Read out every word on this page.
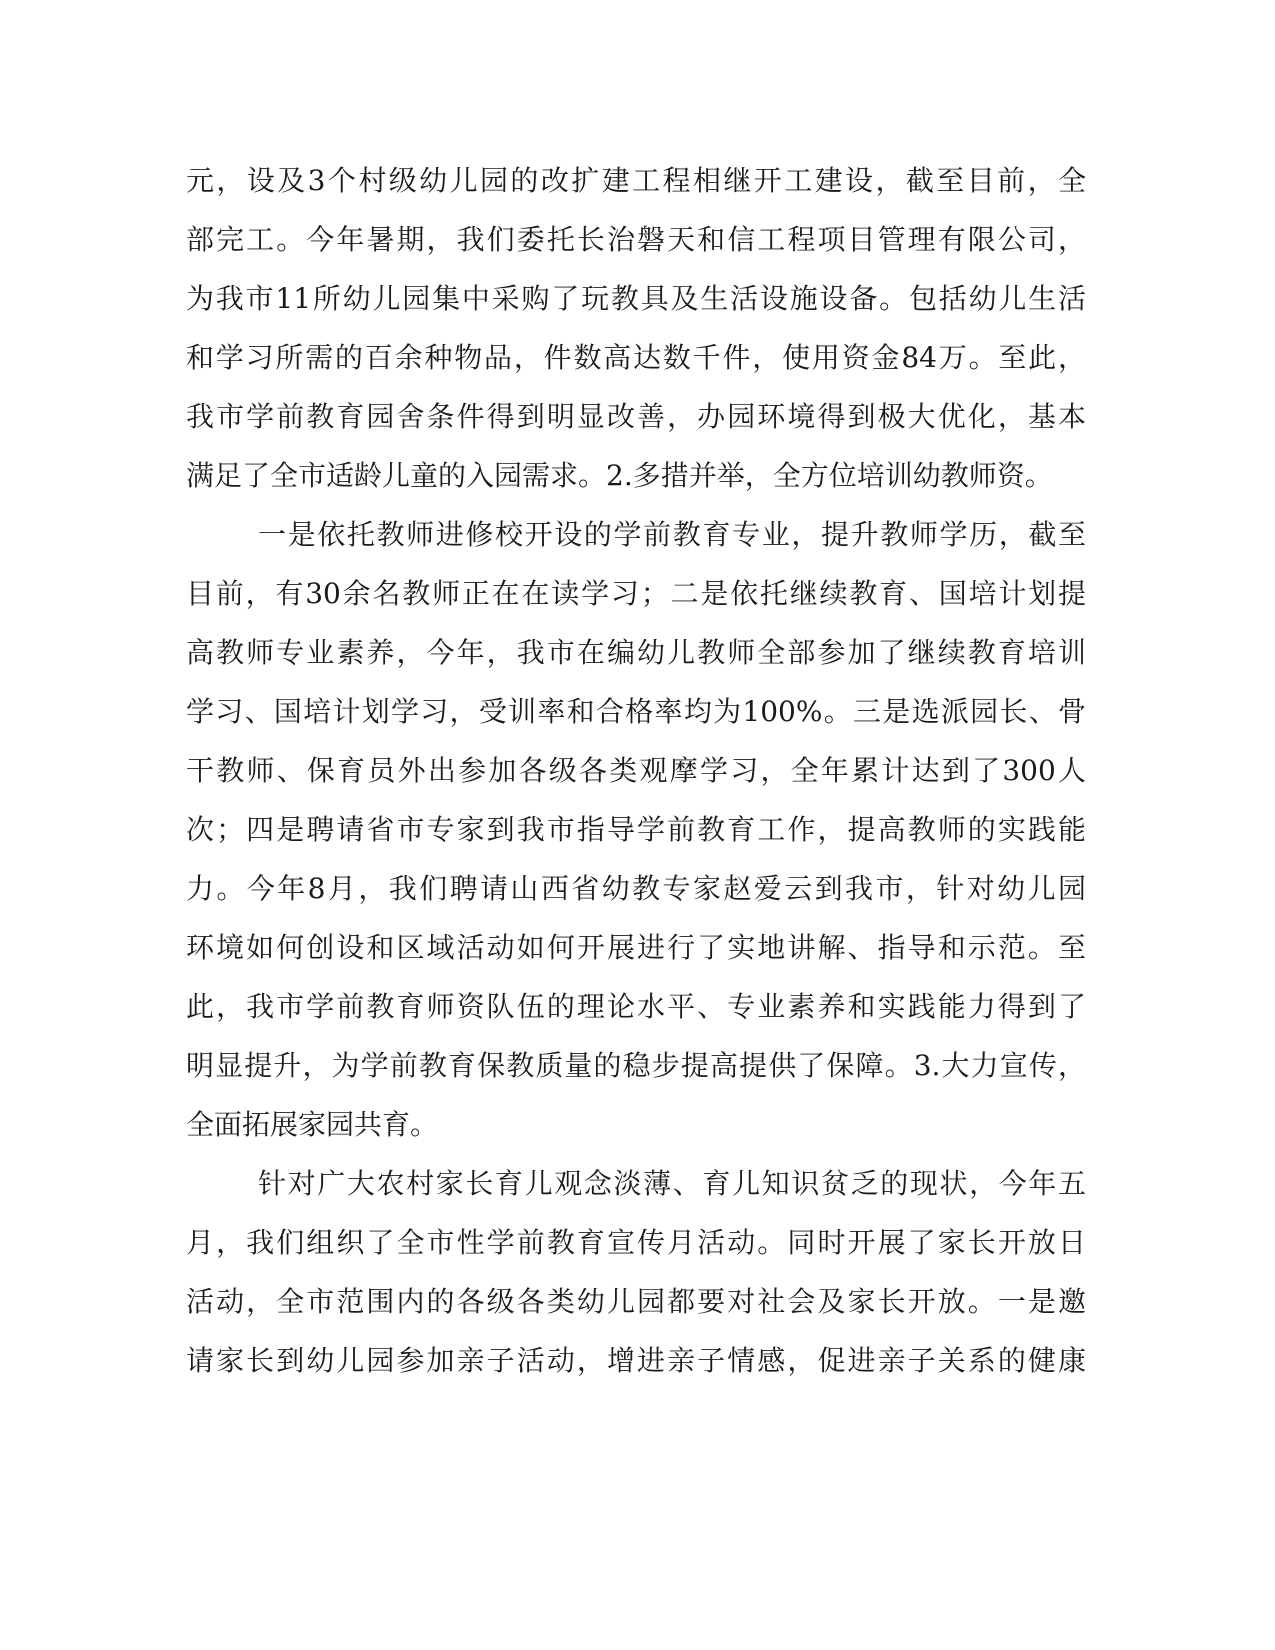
元，设及3个村级幼儿园的改扩建工程相继开工建设，截至目前，全
部完工。今年暑期，我们委托长治磐天和信工程项目管理有限公司，
为我市11所幼儿园集中采购了玩教具及生活设施设备。包括幼儿生活
和学习所需的百余种物品，件数高达数千件，使用资金84万。至此，
我市学前教育园舍条件得到明显改善，办园环境得到极大优化，基本
满足了全市适龄儿童的入园需求。2.多措并举，全方位培训幼教师资。
一是依托教师进修校开设的学前教育专业，提升教师学历，截至
目前，有30余名教师正在在读学习；二是依托继续教育、国培计划提
高教师专业素养，今年，我市在编幼儿教师全部参加了继续教育培训
学习、国培计划学习，受训率和合格率均为100%。三是选派园长、骨
干教师、保育员外出参加各级各类观摩学习，全年累计达到了300人
次；四是聘请省市专家到我市指导学前教育工作，提高教师的实践能
力。今年8月，我们聘请山西省幼教专家赵爱云到我市，针对幼儿园
环境如何创设和区域活动如何开展进行了实地讲解、指导和示范。至
此，我市学前教育师资队伍的理论水平、专业素养和实践能力得到了
明显提升，为学前教育保教质量的稳步提高提供了保障。3.大力宣传，
全面拓展家园共育。
针对广大农村家长育儿观念淡薄、育儿知识贫乏的现状，今年五
月，我们组织了全市性学前教育宣传月活动。同时开展了家长开放日
活动，全市范围内的各级各类幼儿园都要对社会及家长开放。一是邀
请家长到幼儿园参加亲子活动，增进亲子情感，促进亲子关系的健康
